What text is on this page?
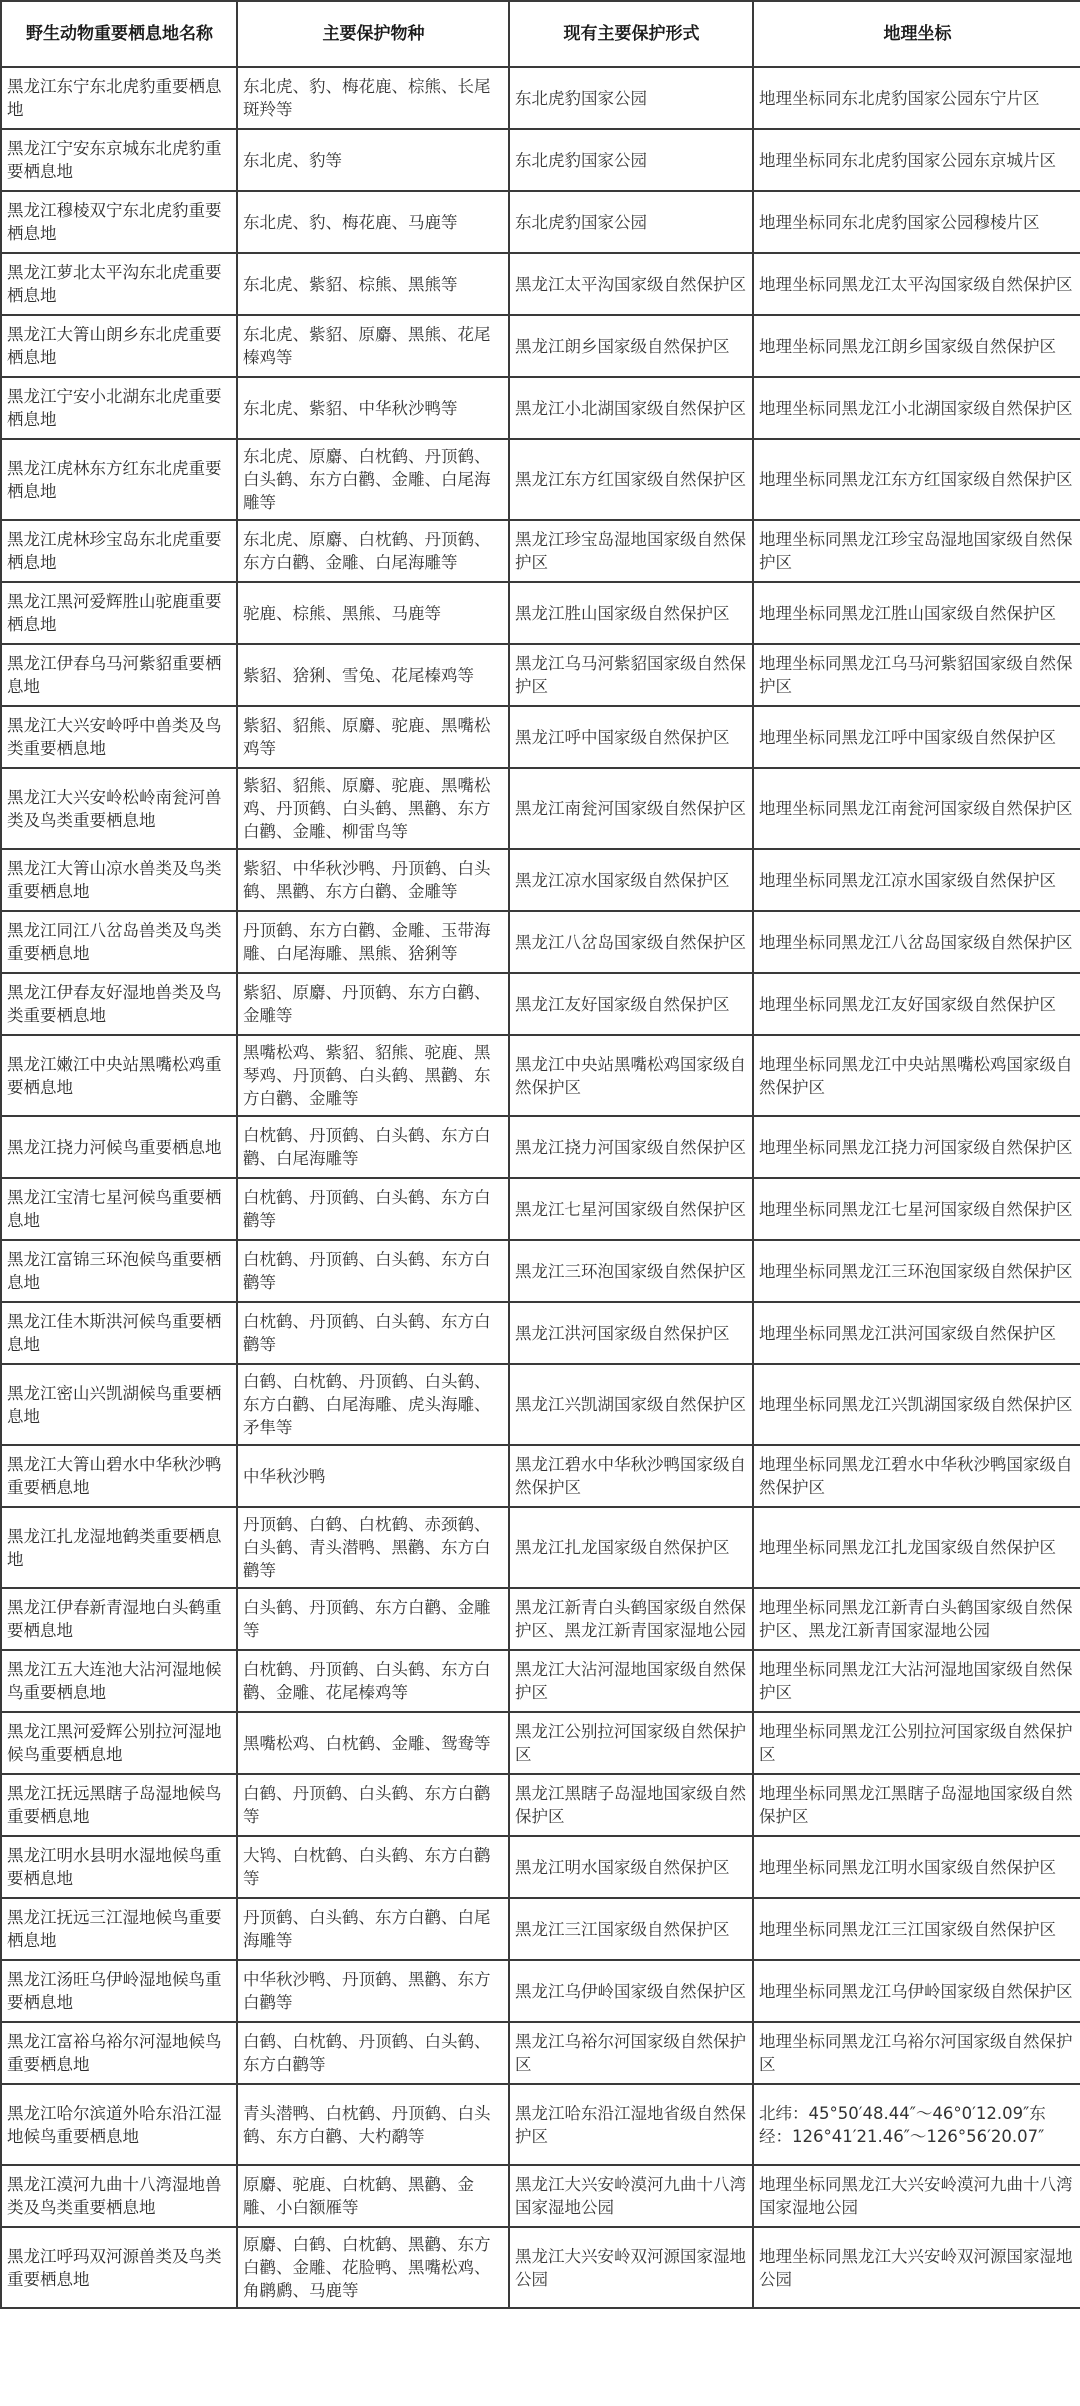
野生动物重要栖息地名称	主要保护物种	现有主要保护形式	地理坐标
黑龙江东宁东北虎豹重要栖息地	东北虎、豹、梅花鹿、棕熊、长尾斑羚等	东北虎豹国家公园	地理坐标同东北虎豹国家公园东宁片区
黑龙江宁安东京城东北虎豹重要栖息地	东北虎、豹等	东北虎豹国家公园	地理坐标同东北虎豹国家公园东京城片区
黑龙江穆棱双宁东北虎豹重要栖息地	东北虎、豹、梅花鹿、马鹿等	东北虎豹国家公园	地理坐标同东北虎豹国家公园穆棱片区
黑龙江萝北太平沟东北虎重要栖息地	东北虎、紫貂、棕熊、黑熊等	黑龙江太平沟国家级自然保护区	地理坐标同黑龙江太平沟国家级自然保护区
黑龙江大箐山朗乡东北虎重要栖息地	东北虎、紫貂、原麝、黑熊、花尾榛鸡等	黑龙江朗乡国家级自然保护区	地理坐标同黑龙江朗乡国家级自然保护区
黑龙江宁安小北湖东北虎重要栖息地	东北虎、紫貂、中华秋沙鸭等	黑龙江小北湖国家级自然保护区	地理坐标同黑龙江小北湖国家级自然保护区
黑龙江虎林东方红东北虎重要栖息地	东北虎、原麝、白枕鹤、丹顶鹤、白头鹤、东方白鹳、金雕、白尾海雕等	黑龙江东方红国家级自然保护区	地理坐标同黑龙江东方红国家级自然保护区
黑龙江虎林珍宝岛东北虎重要栖息地	东北虎、原麝、白枕鹤、丹顶鹤、东方白鹳、金雕、白尾海雕等	黑龙江珍宝岛湿地国家级自然保护区	地理坐标同黑龙江珍宝岛湿地国家级自然保护区
黑龙江黑河爱辉胜山驼鹿重要栖息地	驼鹿、棕熊、黑熊、马鹿等	黑龙江胜山国家级自然保护区	地理坐标同黑龙江胜山国家级自然保护区
黑龙江伊春乌马河紫貂重要栖息地	紫貂、猞猁、雪兔、花尾榛鸡等	黑龙江乌马河紫貂国家级自然保护区	地理坐标同黑龙江乌马河紫貂国家级自然保护区
黑龙江大兴安岭呼中兽类及鸟类重要栖息地	紫貂、貂熊、原麝、驼鹿、黑嘴松鸡等	黑龙江呼中国家级自然保护区	地理坐标同黑龙江呼中国家级自然保护区
黑龙江大兴安岭松岭南瓮河兽类及鸟类重要栖息地	紫貂、貂熊、原麝、驼鹿、黑嘴松鸡、丹顶鹤、白头鹤、黑鹳、东方白鹳、金雕、柳雷鸟等	黑龙江南瓮河国家级自然保护区	地理坐标同黑龙江南瓮河国家级自然保护区
黑龙江大箐山凉水兽类及鸟类重要栖息地	紫貂、中华秋沙鸭、丹顶鹤、白头鹤、黑鹳、东方白鹳、金雕等	黑龙江凉水国家级自然保护区	地理坐标同黑龙江凉水国家级自然保护区
黑龙江同江八岔岛兽类及鸟类重要栖息地	丹顶鹤、东方白鹳、金雕、玉带海雕、白尾海雕、黑熊、猞猁等	黑龙江八岔岛国家级自然保护区	地理坐标同黑龙江八岔岛国家级自然保护区
黑龙江伊春友好湿地兽类及鸟类重要栖息地	紫貂、原麝、丹顶鹤、东方白鹳、金雕等	黑龙江友好国家级自然保护区	地理坐标同黑龙江友好国家级自然保护区
黑龙江嫩江中央站黑嘴松鸡重要栖息地	黑嘴松鸡、紫貂、貂熊、驼鹿、黑琴鸡、丹顶鹤、白头鹤、黑鹳、东方白鹳、金雕等	黑龙江中央站黑嘴松鸡国家级自然保护区	地理坐标同黑龙江中央站黑嘴松鸡国家级自然保护区
黑龙江挠力河候鸟重要栖息地	白枕鹤、丹顶鹤、白头鹤、东方白鹳、白尾海雕等	黑龙江挠力河国家级自然保护区	地理坐标同黑龙江挠力河国家级自然保护区
黑龙江宝清七星河候鸟重要栖息地	白枕鹤、丹顶鹤、白头鹤、东方白鹳等	黑龙江七星河国家级自然保护区	地理坐标同黑龙江七星河国家级自然保护区
黑龙江富锦三环泡候鸟重要栖息地	白枕鹤、丹顶鹤、白头鹤、东方白鹳等	黑龙江三环泡国家级自然保护区	地理坐标同黑龙江三环泡国家级自然保护区
黑龙江佳木斯洪河候鸟重要栖息地	白枕鹤、丹顶鹤、白头鹤、东方白鹳等	黑龙江洪河国家级自然保护区	地理坐标同黑龙江洪河国家级自然保护区
黑龙江密山兴凯湖候鸟重要栖息地	白鹤、白枕鹤、丹顶鹤、白头鹤、东方白鹳、白尾海雕、虎头海雕、矛隼等	黑龙江兴凯湖国家级自然保护区	地理坐标同黑龙江兴凯湖国家级自然保护区
黑龙江大箐山碧水中华秋沙鸭重要栖息地	中华秋沙鸭	黑龙江碧水中华秋沙鸭国家级自然保护区	地理坐标同黑龙江碧水中华秋沙鸭国家级自然保护区
黑龙江扎龙湿地鹤类重要栖息地	丹顶鹤、白鹤、白枕鹤、赤颈鹤、白头鹤、青头潜鸭、黑鹳、东方白鹳等	黑龙江扎龙国家级自然保护区	地理坐标同黑龙江扎龙国家级自然保护区
黑龙江伊春新青湿地白头鹤重要栖息地	白头鹤、丹顶鹤、东方白鹳、金雕等	黑龙江新青白头鹤国家级自然保护区、黑龙江新青国家湿地公园	地理坐标同黑龙江新青白头鹤国家级自然保护区、黑龙江新青国家湿地公园
黑龙江五大连池大沾河湿地候鸟重要栖息地	白枕鹤、丹顶鹤、白头鹤、东方白鹳、金雕、花尾榛鸡等	黑龙江大沾河湿地国家级自然保护区	地理坐标同黑龙江大沾河湿地国家级自然保护区
黑龙江黑河爱辉公别拉河湿地候鸟重要栖息地	黑嘴松鸡、白枕鹤、金雕、鸳鸯等	黑龙江公别拉河国家级自然保护区	地理坐标同黑龙江公别拉河国家级自然保护区
黑龙江抚远黑瞎子岛湿地候鸟重要栖息地	白鹤、丹顶鹤、白头鹤、东方白鹳等	黑龙江黑瞎子岛湿地国家级自然保护区	地理坐标同黑龙江黑瞎子岛湿地国家级自然保护区
黑龙江明水县明水湿地候鸟重要栖息地	大鸨、白枕鹤、白头鹤、东方白鹳等	黑龙江明水国家级自然保护区	地理坐标同黑龙江明水国家级自然保护区
黑龙江抚远三江湿地候鸟重要栖息地	丹顶鹤、白头鹤、东方白鹳、白尾海雕等	黑龙江三江国家级自然保护区	地理坐标同黑龙江三江国家级自然保护区
黑龙江汤旺乌伊岭湿地候鸟重要栖息地	中华秋沙鸭、丹顶鹤、黑鹳、东方白鹳等	黑龙江乌伊岭国家级自然保护区	地理坐标同黑龙江乌伊岭国家级自然保护区
黑龙江富裕乌裕尔河湿地候鸟重要栖息地	白鹤、白枕鹤、丹顶鹤、白头鹤、东方白鹳等	黑龙江乌裕尔河国家级自然保护区	地理坐标同黑龙江乌裕尔河国家级自然保护区
黑龙江哈尔滨道外哈东沿江湿地候鸟重要栖息地	青头潜鸭、白枕鹤、丹顶鹤、白头鹤、东方白鹳、大杓鹬等	黑龙江哈东沿江湿地省级自然保护区	北纬：45°50′48.44″～46°0′12.09″东经：126°41′21.46″～126°56′20.07″
黑龙江漠河九曲十八湾湿地兽类及鸟类重要栖息地	原麝、驼鹿、白枕鹤、黑鹳、金雕、小白额雁等	黑龙江大兴安岭漠河九曲十八湾国家湿地公园	地理坐标同黑龙江大兴安岭漠河九曲十八湾国家湿地公园
黑龙江呼玛双河源兽类及鸟类重要栖息地	原麝、白鹤、白枕鹤、黑鹳、东方白鹳、金雕、花脸鸭、黑嘴松鸡、角䴙䴘、马鹿等	黑龙江大兴安岭双河源国家湿地公园	地理坐标同黑龙江大兴安岭双河源国家湿地公园
